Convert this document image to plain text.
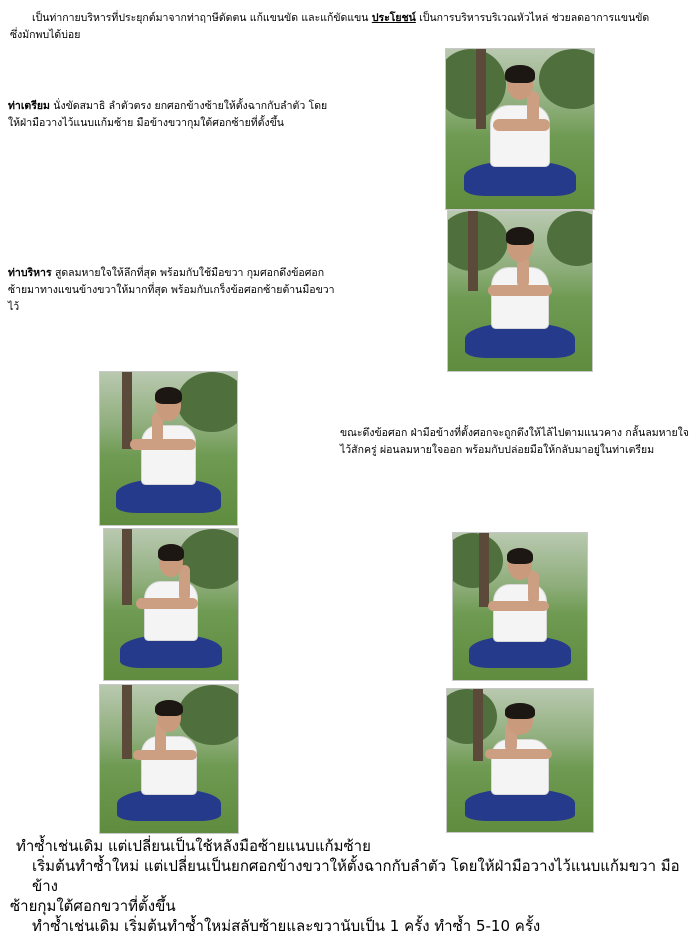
เป็นท่ากายบริหารที่ประยุกต์มาจากท่าฤาษีดัดตน แก้แขนขัด และแก้ขัดแขน ประโยชน์ เป็นการบริหารบริเวณหัวไหล่ ช่วยลดอาการแขนขัด
ซึ่งมักพบได้บ่อย
ท่าเตรียม นั่งขัดสมาธิ ลำตัวตรง ยกศอกข้างซ้ายให้ตั้งฉากกับลำตัว โดยให้ฝ่ามือวางไว้แนบแก้มซ้าย มือข้างขวากุมใต้ศอกซ้ายที่ตั้งขึ้น
ท่าบริหาร สูดลมหายใจให้ลึกที่สุด พร้อมกับใช้มือขวา กุมศอกดึงข้อศอกซ้ายมาทางแขนข้างขวาให้มากที่สุด พร้อมกับเกร็งข้อศอกซ้ายต้านมือขวาไว้
ขณะดึงข้อศอก ฝ่ามือข้างที่ตั้งศอกจะถูกดึงให้ไล้ไปตามแนวคาง กลั้นลมหายใจไว้สักครู่ ผ่อนลมหายใจออก พร้อมกับปล่อยมือให้กลับมาอยู่ในท่าเตรียม

ทำซ้ำเช่นเดิม แต่เปลี่ยนเป็นใช้หลังมือซ้ายแนบแก้มซ้าย

เริ่มต้นทำซ้ำใหม่ แต่เปลี่ยนเป็นยกศอกข้างขวาให้ตั้งฉากกับลำตัว โดยให้ฝ่ามือวางไว้แนบแก้มขวา มือข้าง

ซ้ายกุมใต้ศอกขวาที่ตั้งขึ้น

ทำซ้ำเช่นเดิม เริ่มต้นทำซ้ำใหม่สลับซ้ายและขวานับเป็น 1 ครั้ง ทำซ้ำ 5-10 ครั้ง
